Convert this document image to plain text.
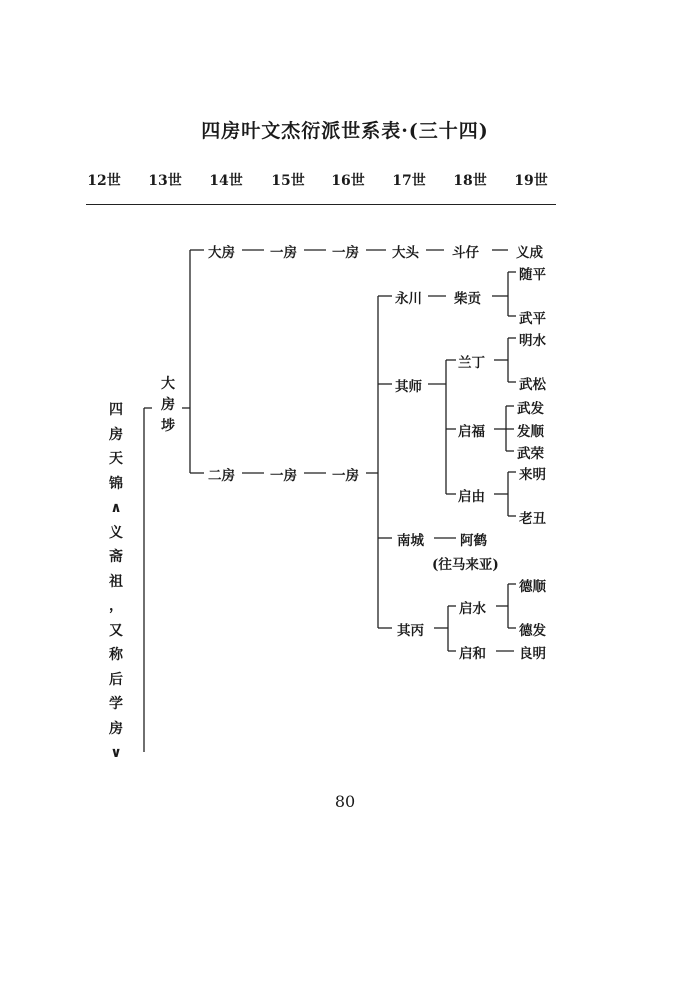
四房叶文杰衍派世系表·(三十四)
12世 13世 14世 15世 16世 17世 18世 19世
四
房
天
锦
∧
义
斋
祖
，
又
称
后
学
房
∨
大
房
埗
大房	一房	一房 大头 斗仔	义成
二房	一房	一房
永川 柴贡
随平
武平
其师
兰丁
明水
武松
启福
武发
发顺
武荣
启由
来明
老丑
南城	阿鹤
(往马来亚)
其丙
启水
德顺
德发
启和 良明
80
